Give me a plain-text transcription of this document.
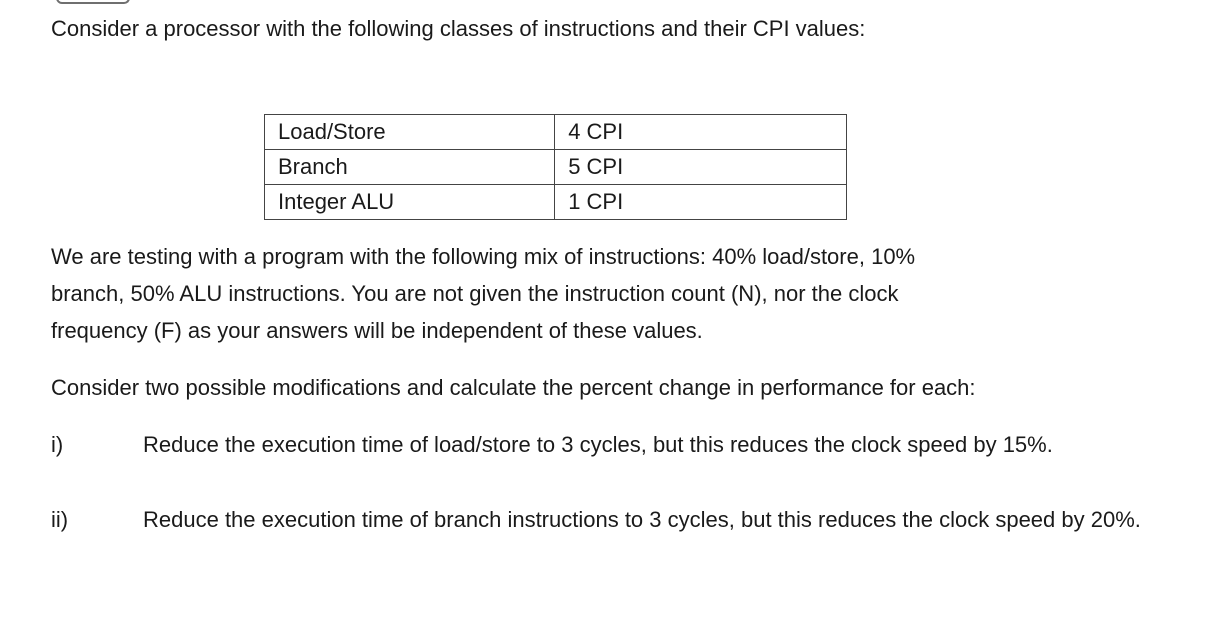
Consider a processor with the following classes of instructions and their CPI values:

Load/Store	4 CPI
Branch	5 CPI
Integer ALU	1 CPI
We are testing with a program with the following mix of instructions: 40% load/store, 10%
branch, 50% ALU instructions. You are not given the instruction count (N), nor the clock
frequency (F) as your answers will be independent of these values.

Consider two possible modifications and calculate the percent change in performance for each:

i)	Reduce the execution time of load/store to 3 cycles, but this reduces the clock speed by 15%.
ii)	Reduce the execution time of branch instructions to 3 cycles, but this reduces the clock speed by 20%.
